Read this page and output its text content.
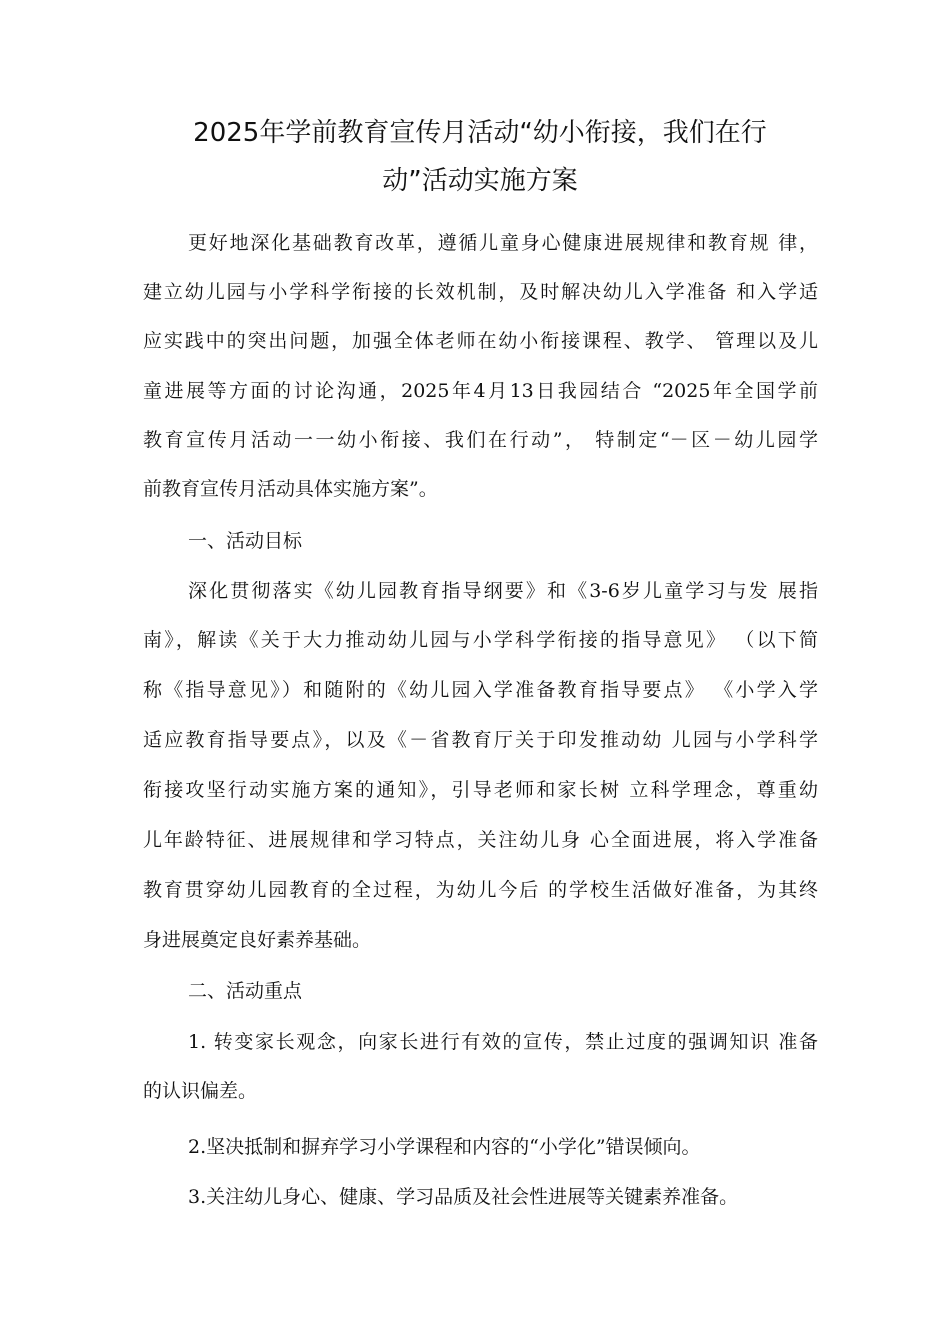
2025年学前教育宣传月活动“幼小衔接，我们在行
动”活动实施方案

更好地深化基础教育改革，遵循儿童身心健康进展规律和教育规 律，

建立幼儿园与小学科学衔接的长效机制，及时解决幼儿入学准备 和入学适

应实践中的突出问题，加强全体老师在幼小衔接课程、教学、 管理以及儿

童进展等方面的讨论沟通，2025年4月13日我园结合 “2025年全国学前

教育宣传月活动一一幼小衔接、我们在行动”， 特制定“－区－幼儿园学

前教育宣传月活动具体实施方案”。

一、活动目标

深化贯彻落实《幼儿园教育指导纲要》和《3-6岁儿童学习与发 展指

南》，解读《关于大力推动幼儿园与小学科学衔接的指导意见》 （以下简

称《指导意见》）和随附的《幼儿园入学准备教育指导要点》 《小学入学

适应教育指导要点》，以及《－省教育厅关于印发推动幼 儿园与小学科学

衔接攻坚行动实施方案的通知》，引导老师和家长树 立科学理念，尊重幼

儿年龄特征、进展规律和学习特点，关注幼儿身 心全面进展，将入学准备

教育贯穿幼儿园教育的全过程，为幼儿今后 的学校生活做好准备，为其终

身进展奠定良好素养基础。

二、活动重点

1. 转变家长观念，向家长进行有效的宣传，禁止过度的强调知识 准备

的认识偏差。

2.坚决抵制和摒弃学习小学课程和内容的“小学化”错误倾向。

3.关注幼儿身心、健康、学习品质及社会性进展等关键素养准备。
